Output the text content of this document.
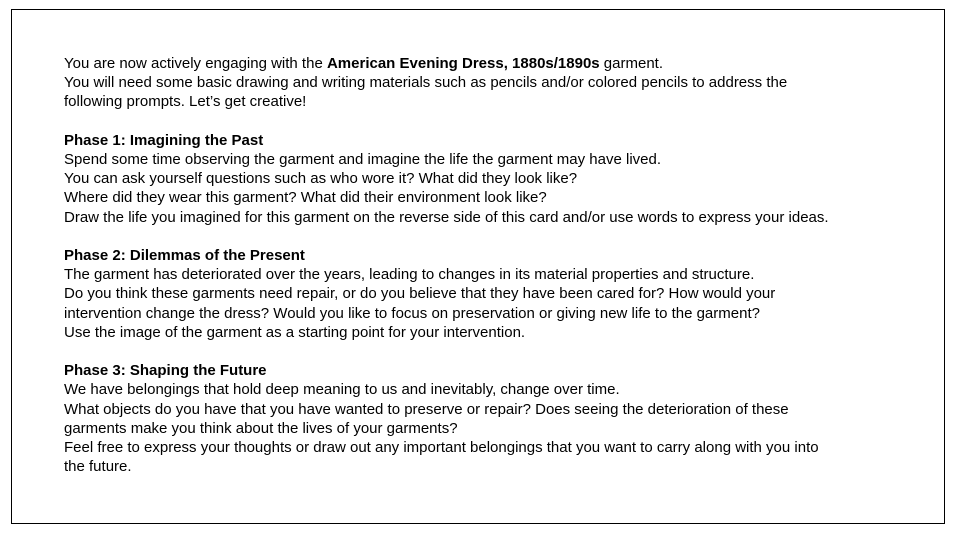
You are now actively engaging with the American Evening Dress, 1880s/1890s garment.
You will need some basic drawing and writing materials such as pencils and/or colored pencils to address the
following prompts. Let’s get creative!
Phase 1: Imagining the Past
Spend some time observing the garment and imagine the life the garment may have lived.
You can ask yourself questions such as who wore it? What did they look like?
Where did they wear this garment? What did their environment look like?
Draw the life you imagined for this garment on the reverse side of this card and/or use words to express your ideas.
Phase 2: Dilemmas of the Present
The garment has deteriorated over the years, leading to changes in its material properties and structure.
Do you think these garments need repair, or do you believe that they have been cared for? How would your
intervention change the dress? Would you like to focus on preservation or giving new life to the garment?
Use the image of the garment as a starting point for your intervention.
Phase 3: Shaping the Future
We have belongings that hold deep meaning to us and inevitably, change over time.
What objects do you have that you have wanted to preserve or repair? Does seeing the deterioration of these
garments make you think about the lives of your garments?
Feel free to express your thoughts or draw out any important belongings that you want to carry along with you into
the future.
